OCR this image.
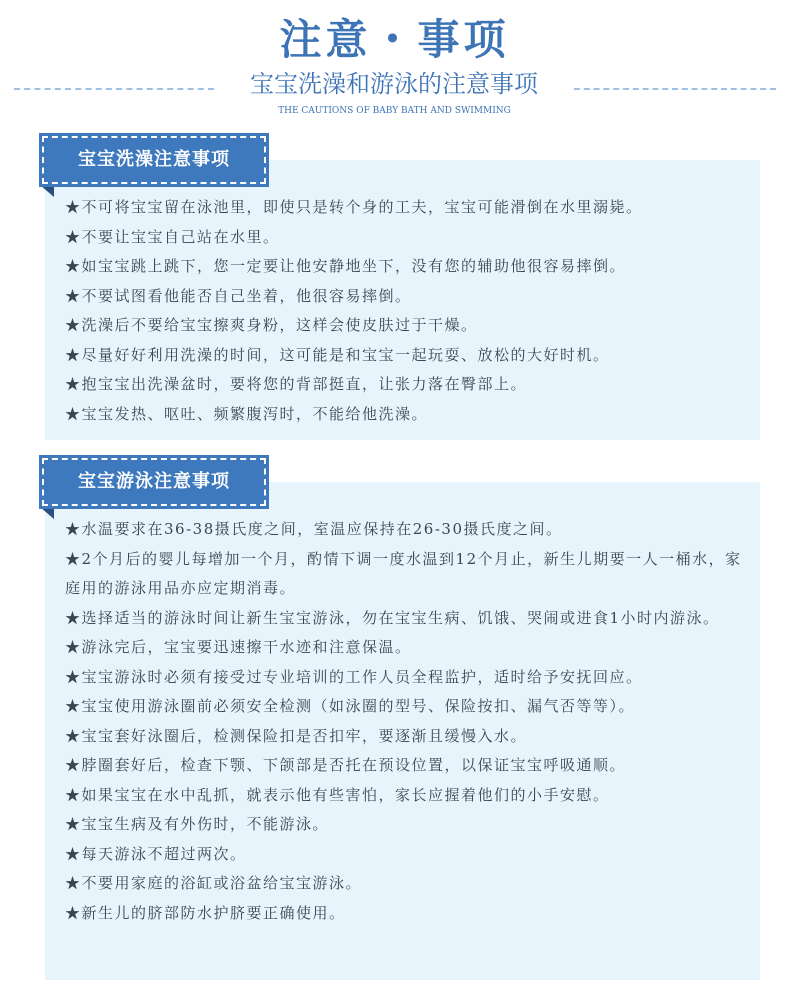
注意・事项
宝宝洗澡和游泳的注意事项
THE CAUTIONS OF BABY BATH AND SWIMMING
宝宝洗澡注意事项
★不可将宝宝留在泳池里，即使只是转个身的工夫，宝宝可能滑倒在水里溺毙。
★不要让宝宝自己站在水里。
★如宝宝跳上跳下，您一定要让他安静地坐下，没有您的辅助他很容易摔倒。
★不要试图看他能否自己坐着，他很容易摔倒。
★洗澡后不要给宝宝擦爽身粉，这样会使皮肤过于干燥。
★尽量好好利用洗澡的时间，这可能是和宝宝一起玩耍、放松的大好时机。
★抱宝宝出洗澡盆时，要将您的背部挺直，让张力落在臀部上。
★宝宝发热、呕吐、频繁腹泻时，不能给他洗澡。
宝宝游泳注意事项
★水温要求在36-38摄氏度之间，室温应保持在26-30摄氏度之间。
★2个月后的婴儿每增加一个月，酌情下调一度水温到12个月止，新生儿期要一人一桶水，家庭用的游泳用品亦应定期消毒。
★选择适当的游泳时间让新生宝宝游泳，勿在宝宝生病、饥饿、哭闹或进食1小时内游泳。
★游泳完后，宝宝要迅速擦干水迹和注意保温。
★宝宝游泳时必须有接受过专业培训的工作人员全程监护，适时给予安抚回应。
★宝宝使用游泳圈前必须安全检测（如泳圈的型号、保险按扣、漏气否等等）。
★宝宝套好泳圈后，检测保险扣是否扣牢，要逐渐且缓慢入水。
★脖圈套好后，检查下颚、下颌部是否托在预设位置，以保证宝宝呼吸通顺。
★如果宝宝在水中乱抓，就表示他有些害怕，家长应握着他们的小手安慰。
★宝宝生病及有外伤时，不能游泳。
★每天游泳不超过两次。
★不要用家庭的浴缸或浴盆给宝宝游泳。
★新生儿的脐部防水护脐要正确使用。
